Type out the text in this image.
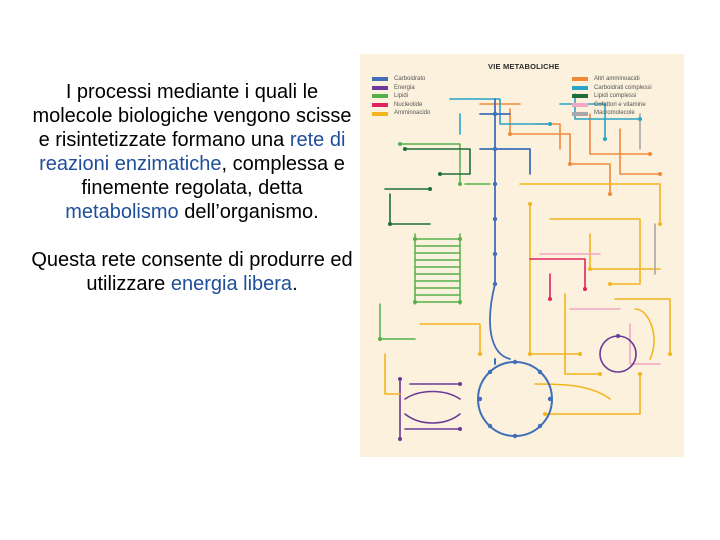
I processi mediante i quali le molecole biologiche vengono scisse e risintetizzate formano una rete di reazioni enzimatiche, complessa e finemente regolata, detta metabolismo dell’organismo.

Questa rete consente di produrre ed utilizzare energia libera.

VIE METABOLICHE
Carboidrato
Energia
Lipidi
Nucleotide
Amminoacido
Altri amminoacidi
Carboidrati complessi
Lipidi complessi
Cofattori e vitamine
Macromolecole
